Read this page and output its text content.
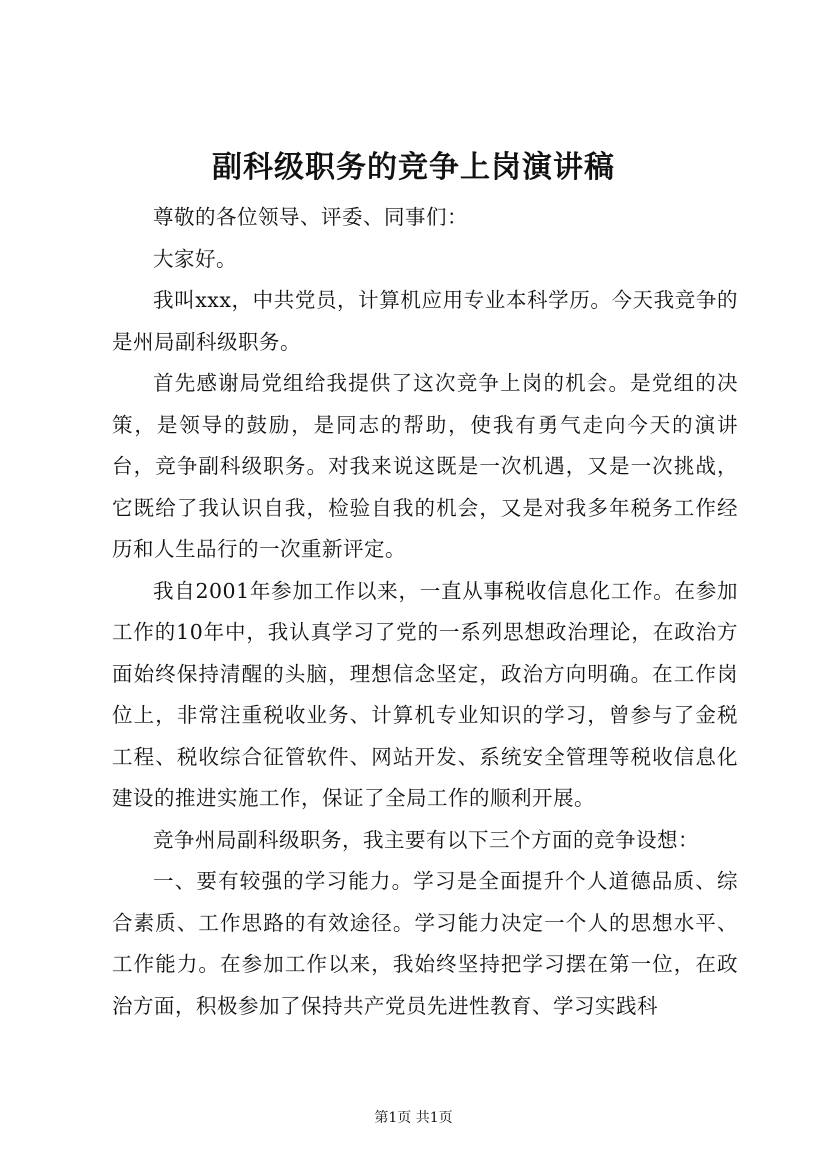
副科级职务的竞争上岗演讲稿

尊敬的各位领导、评委、同事们：

大家好。

我叫xxx，中共党员，计算机应用专业本科学历。今天我竞争的是州局副科级职务。

首先感谢局党组给我提供了这次竞争上岗的机会。是党组的决策，是领导的鼓励，是同志的帮助，使我有勇气走向今天的演讲台，竞争副科级职务。对我来说这既是一次机遇，又是一次挑战，它既给了我认识自我，检验自我的机会，又是对我多年税务工作经历和人生品行的一次重新评定。

我自2001年参加工作以来，一直从事税收信息化工作。在参加工作的10年中，我认真学习了党的一系列思想政治理论，在政治方面始终保持清醒的头脑，理想信念坚定，政治方向明确。在工作岗位上，非常注重税收业务、计算机专业知识的学习，曾参与了金税工程、税收综合征管软件、网站开发、系统安全管理等税收信息化建设的推进实施工作，保证了全局工作的顺利开展。

竞争州局副科级职务，我主要有以下三个方面的竞争设想：

一、要有较强的学习能力。学习是全面提升个人道德品质、综合素质、工作思路的有效途径。学习能力决定一个人的思想水平、工作能力。在参加工作以来，我始终坚持把学习摆在第一位，在政治方面，积极参加了保持共产党员先进性教育、学习实践科

第1页 共1页
